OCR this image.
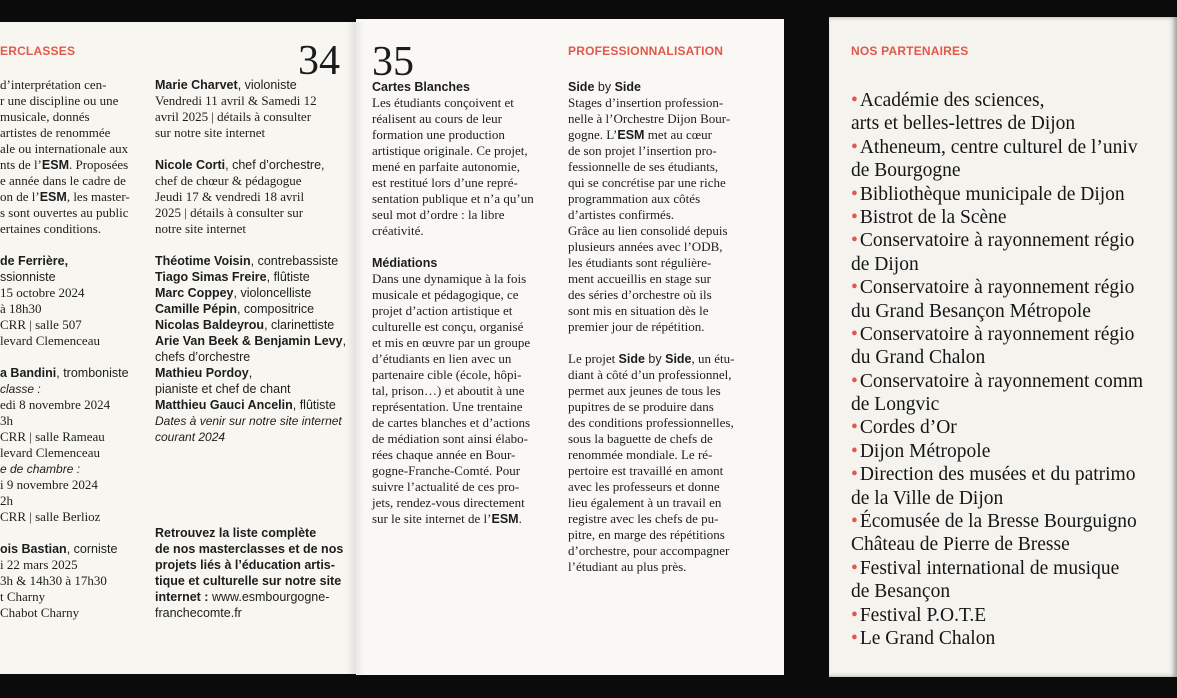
ERCLASSES	34
d’interprétation cen-
r une discipline ou une
musicale, donnés
artistes de renommée
ale ou internationale aux
nts de l’ESM. Proposées
e année dans le cadre de
on de l’ESM, les master-
s sont ouvertes au public
ertaines conditions.
de Ferrière,
ssionniste
15 octobre 2024
à 18h30
CRR | salle 507
levard Clemenceau
a Bandini, tromboniste
classe :
edi 8 novembre 2024
3h
CRR | salle Rameau
levard Clemenceau
e de chambre :
i 9 novembre 2024
2h
CRR | salle Berlioz
ois Bastian, corniste
i 22 mars 2025
3h & 14h30 à 17h30
t Charny
Chabot Charny
Marie Charvet, violoniste
Vendredi 11 avril & Samedi 12
avril 2025 | détails à consulter
sur notre site internet
Nicole Corti, chef d’orchestre,
chef de chœur & pédagogue
Jeudi 17 & vendredi 18 avril
2025 | détails à consulter sur
notre site internet
Théotime Voisin, contrebassiste
Tiago Simas Freire, flûtiste
Marc Coppey, violoncelliste
Camille Pépin, compositrice
Nicolas Baldeyrou, clarinettiste
Arie Van Beek & Benjamin Levy,
chefs d’orchestre
Mathieu Pordoy,
pianiste et chef de chant
Matthieu Gauci Ancelin, flûtiste
Dates à venir sur notre site internet
courant 2024
Retrouvez la liste complète
de nos masterclasses et de nos
projets liés à l’éducation artis-
tique et culturelle sur notre site
internet : www.esmbourgogne-
franchecomte.fr
35	PROFESSIONNALISATION
Cartes Blanches
Les étudiants conçoivent et
réalisent au cours de leur
formation une production
artistique originale. Ce projet,
mené en parfaite autonomie,
est restitué lors d’une repré-
sentation publique et n’a qu’un
seul mot d’ordre : la libre
créativité.
Médiations
Dans une dynamique à la fois
musicale et pédagogique, ce
projet d’action artistique et
culturelle est conçu, organisé
et mis en œuvre par un groupe
d’étudiants en lien avec un
partenaire cible (école, hôpi-
tal, prison…) et aboutit à une
représentation. Une trentaine
de cartes blanches et d’actions
de médiation sont ainsi élabo-
rées chaque année en Bour-
gogne-Franche-Comté. Pour
suivre l’actualité de ces pro-
jets, rendez-vous directement
sur le site internet de l’ESM.
Side by Side
Stages d’insertion profession-
nelle à l’Orchestre Dijon Bour-
gogne. L’ESM met au cœur
de son projet l’insertion pro-
fessionnelle de ses étudiants,
qui se concrétise par une riche
programmation aux côtés
d’artistes confirmés.
Grâce au lien consolidé depuis
plusieurs années avec l’ODB,
les étudiants sont régulière-
ment accueillis en stage sur
des séries d’orchestre où ils
sont mis en situation dès le
premier jour de répétition.
Le projet Side by Side, un étu-
diant à côté d’un professionnel,
permet aux jeunes de tous les
pupitres de se produire dans
des conditions professionnelles,
sous la baguette de chefs de
renommée mondiale. Le ré-
pertoire est travaillé en amont
avec les professeurs et donne
lieu également à un travail en
registre avec les chefs de pu-
pitre, en marge des répétitions
d’orchestre, pour accompagner
l’étudiant au plus près.
NOS PARTENAIRES
• Académie des sciences,
arts et belles-lettres de Dijon
• Atheneum, centre culturel de l’univ
de Bourgogne
• Bibliothèque municipale de Dijon
• Bistrot de la Scène
• Conservatoire à rayonnement régio
de Dijon
• Conservatoire à rayonnement régio
du Grand Besançon Métropole
• Conservatoire à rayonnement régio
du Grand Chalon
• Conservatoire à rayonnement comm
de Longvic
• Cordes d’Or
• Dijon Métropole
• Direction des musées et du patrimo
de la Ville de Dijon
• Écomusée de la Bresse Bourguigno
Château de Pierre de Bresse
• Festival international de musique
de Besançon
• Festival P.O.T.E
• Le Grand Chalon
